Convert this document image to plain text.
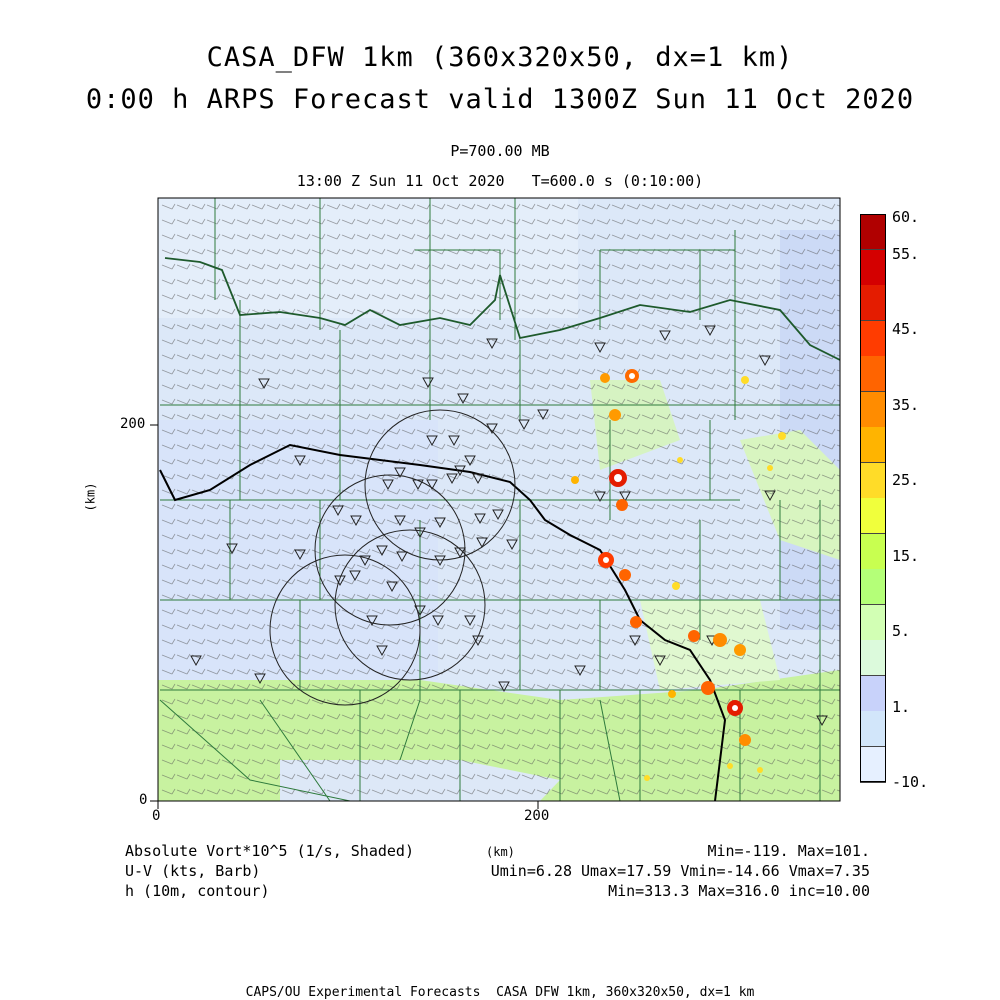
CASA_DFW 1km (360x320x50, dx=1 km)
0:00 h ARPS Forecast valid 1300Z Sun 11 Oct 2020
P=700.00 MB
13:00 Z Sun 11 Oct 2020   T=600.0 s (0:10:00)
200
0
0	200
(km)
(km)
60.
55.
45.
35.
25.
15.
5.
1.
-10.
Absolute Vort*10^5 (1/s, Shaded)
U-V (kts, Barb)
h (10m, contour)
Min=-119. Max=101.
Umin=6.28 Umax=17.59 Vmin=-14.66 Vmax=7.35
Min=313.3 Max=316.0 inc=10.00
CAPS/OU Experimental Forecasts  CASA DFW 1km, 360x320x50, dx=1 km
